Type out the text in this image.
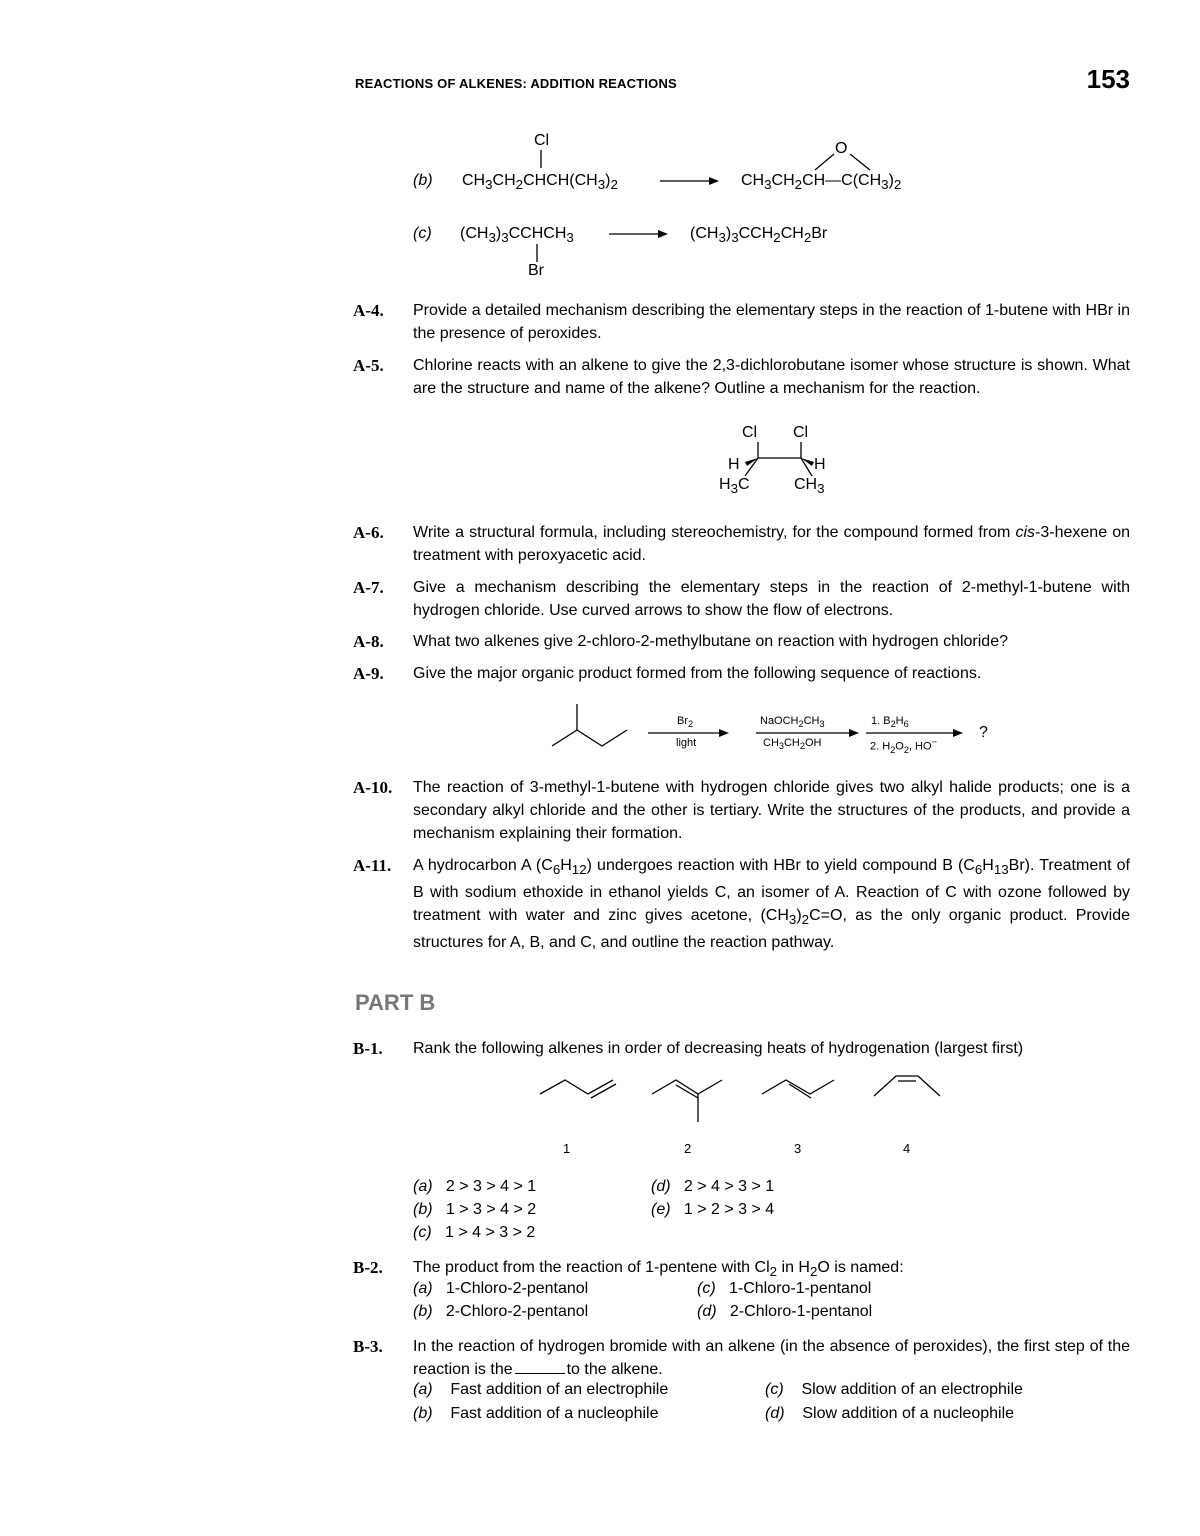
REACTIONS OF ALKENES: ADDITION REACTIONS	153
(b)
Cl
$CH_3CH_2CHCH(CH_3)_2$
O
$CH_3CH_2CH—C(CH_3)_2$
(c) $(CH_3)_3CCHCH_3$
Br
$(CH_3)_3CCH_2CH_2Br$
A-4. Provide a detailed mechanism describing the elementary steps in the reaction of 1-butene with HBr in the presence of peroxides.
A-5. Chlorine reacts with an alkene to give the 2,3-dichlorobutane isomer whose structure is shown. What are the structure and name of the alkene? Outline a mechanism for the reaction.
Cl Cl
H	H
$H_3C$	$CH_3$
A-6. Write a structural formula, including stereochemistry, for the compound formed from cis-3-hexene on treatment with peroxyacetic acid.
A-7. Give a mechanism describing the elementary steps in the reaction of 2-methyl-1-butene with hydrogen chloride. Use curved arrows to show the flow of electrons.
A-8. What two alkenes give 2-chloro-2-methylbutane on reaction with hydrogen chloride?
A-9. Give the major organic product formed from the following sequence of reactions.
$Br_2$
light
$NaOCH_2CH_3$
$CH_3CH_2OH$
1. $B_2H_6$
2. $H_2O_2$, HO−
?
A-10. The reaction of 3-methyl-1-butene with hydrogen chloride gives two alkyl halide products; one is a secondary alkyl chloride and the other is tertiary. Write the structures of the products, and provide a mechanism explaining their formation.
A-11. A hydrocarbon A $(C_6H_{12})$ undergoes reaction with HBr to yield compound B $(C_6H_{13}Br)$. Treatment of B with sodium ethoxide in ethanol yields C, an isomer of A. Reaction of C with ozone followed by treatment with water and zinc gives acetone, $(CH_3)_2C=O$, as the only organic product. Provide structures for A, B, and C, and outline the reaction pathway.
PART B
B-1. Rank the following alkenes in order of decreasing heats of hydrogenation (largest first)
1	2	3	4
(a) 2 > 3 > 4 > 1
(b) 1 > 3 > 4 > 2
(c) 1 > 4 > 3 > 2
(d) 2 > 4 > 3 > 1
(e) 1 > 2 > 3 > 4
B-2. The product from the reaction of 1-pentene with $Cl_2$ in $H_2O$ is named:
(a) 1-Chloro-2-pentanol
(b) 2-Chloro-2-pentanol
(c) 1-Chloro-1-pentanol
(d) 2-Chloro-1-pentanol
B-3. In the reaction of hydrogen bromide with an alkene (in the absence of peroxides), the first step of the reaction is the	to the alkene.
(a) Fast addition of an electrophile
(b) Fast addition of a nucleophile
(c) Slow addition of an electrophile
(d) Slow addition of a nucleophile
